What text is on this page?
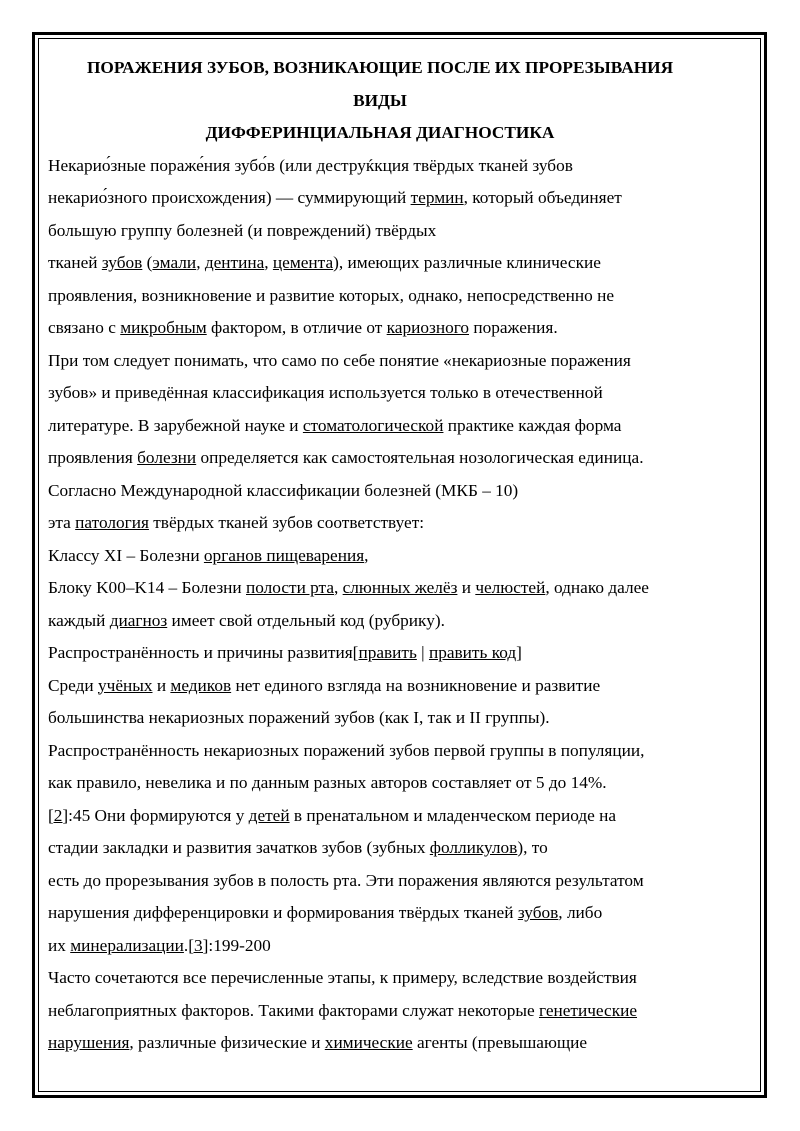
ПОРАЖЕНИЯ ЗУБОВ, ВОЗНИКАЮЩИЕ ПОСЛЕ ИХ ПРОРЕЗЫВАНИЯ

ВИДЫ

ДИФФЕРИНЦИАЛЬНАЯ ДИАГНОСТИКА

Некарио́зные пораже́ния зубо́в (или деструќкция твёрдых тканей зубов

некарио́зного происхождения) — суммирующий термин, который объединяет

большую группу болезней (и повреждений) твёрдых

тканей зубов (эмали, дентина, цемента), имеющих различные клинические

проявления, возникновение и развитие которых, однако, непосредственно не

связано с микробным фактором, в отличие от кариозного поражения.

При том следует понимать, что само по себе понятие «некариозные поражения

зубов» и приведённая классификация используется только в отечественной

литературе. В зарубежной науке и стоматологической практике каждая форма

проявления болезни определяется как самостоятельная нозологическая единица.

Согласно Международной классификации болезней (МКБ – 10)

эта патология твёрдых тканей зубов соответствует:

Классу XI – Болезни органов пищеварения,

Блоку K00–K14 – Болезни полости рта, слюнных желёз и челюстей, однако далее

каждый диагноз имеет свой отдельный код (рубрику).

Распространённость и причины развития[править | править код]

Среди учёных и медиков нет единого взгляда на возникновение и развитие

большинства некариозных поражений зубов (как I, так и II группы).

Распространённость некариозных поражений зубов первой группы в популяции,

как правило, невелика и по данным разных авторов составляет от 5 до 14%.

[2]:45 Они формируются у детей в пренатальном и младенческом периоде на

стадии закладки и развития зачатков зубов (зубных фолликулов), то

есть до прорезывания зубов в полость рта. Эти поражения являются результатом

нарушения дифференцировки и формирования твёрдых тканей зубов, либо

их минерализации.[3]:199-200

Часто сочетаются все перечисленные этапы, к примеру, вследствие воздействия

неблагоприятных факторов. Такими факторами служат некоторые генетические

нарушения, различные физические и химические агенты (превышающие
